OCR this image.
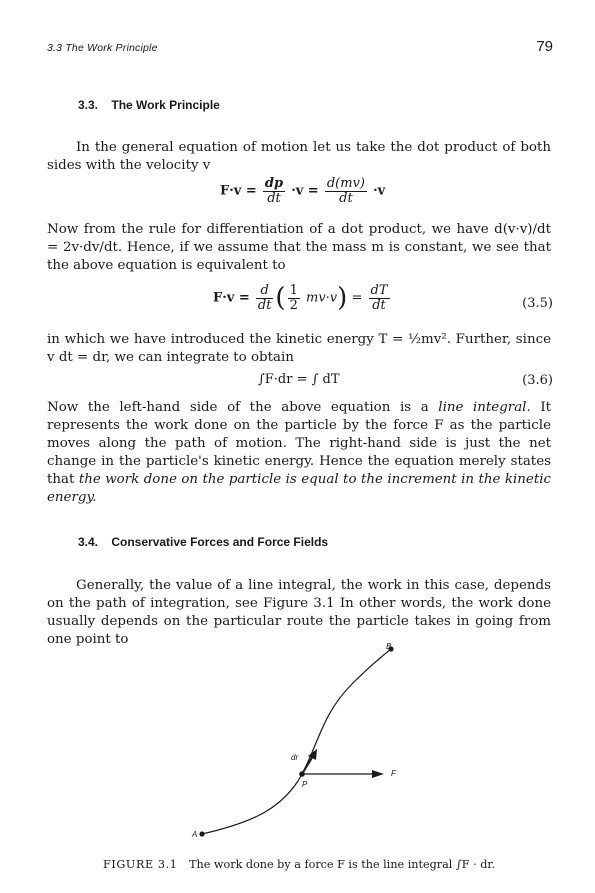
3.3 The Work Principle	79
3.3. The Work Principle
In the general equation of motion let us take the dot product of both sides with the velocity v
$F\cdot v = \frac{dp}{dt} \cdot v = \frac{d(mv)}{dt} \cdot v$
Now from the rule for differentiation of a dot product, we have d(v·v)/dt = 2v·dv/dt. Hence, if we assume that the mass m is constant, we see that the above equation is equivalent to
$F\cdot v = \frac{d}{dt}$ ( $\frac{1}{2} mv\cdot v) = \frac{dT}{dt}$	(3.5)
in which we have introduced the kinetic energy T = ½mv². Further, since v dt = dr, we can integrate to obtain
∫F·dr = ∫ dT	(3.6)
Now the left-hand side of the above equation is a line integral. It represents the work done on the particle by the force F as the particle moves along the path of motion. The right-hand side is just the net change in the particle's kinetic energy. Hence the equation merely states that the work done on the particle is equal to the increment in the kinetic energy.
3.4. Conservative Forces and Force Fields
Generally, the value of a line integral, the work in this case, depends on the path of integration, see Figure 3.1 In other words, the work done usually depends on the particular route the particle takes in going from one point to	B
A
P
F
dr
FIGURE 3.1 The work done by a force F is the line integral ∫F · dr.
